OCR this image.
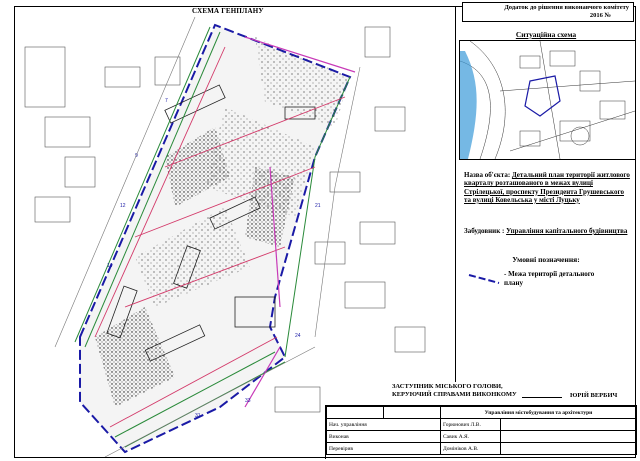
12
14
9
7
21
24
31
33
СХЕМА ГЕНПЛАНУ	Додаток до рішення виконавчого комітету
2016 №
Ситуаційна схема
Назва об'єкта: Детальний план території житлового кварталу розташованого в межах вулиці Стрілецької, проспекту Президента Грушевського та вулиці Ковельська у місті Луцьку
Забудовник : Управління капітального будівництва
Умовні позначення:
- Межа території детального плану
ЗАСТУПНИК МІСЬКОГО ГОЛОВИ, КЕРУЮЧИЙ СПРАВАМИ ВИКОНКОМУ	ЮРІЙ ВЕРБИЧ
		Управління містобудування та архітектури	
Нач. управління		Горюнович Л.В.	
Виконав		Савик А.Я.	
Перевірив		Домініков А.В.	
